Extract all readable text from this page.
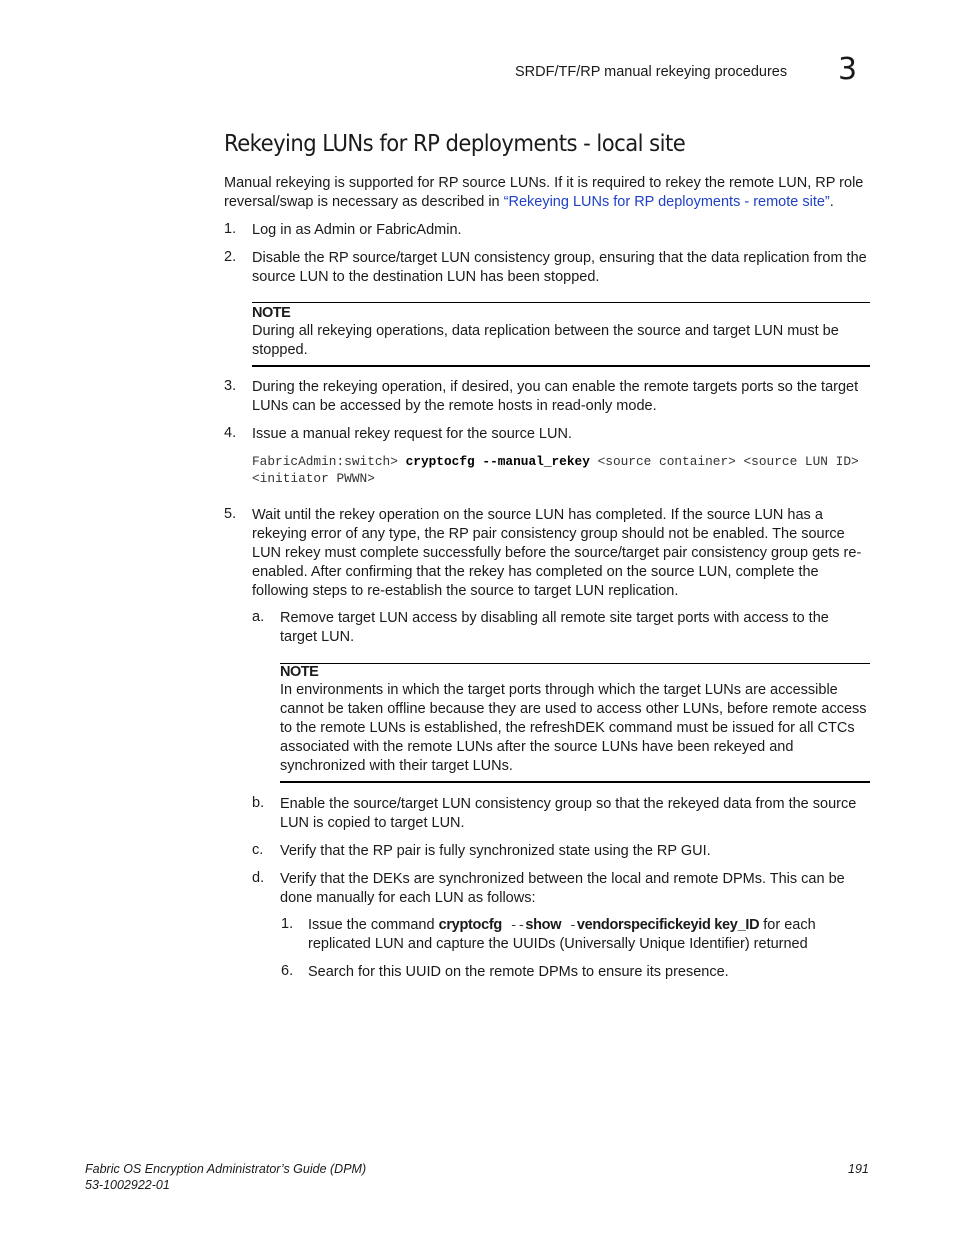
SRDF/TF/RP manual rekeying procedures 3
Rekeying LUNs for RP deployments - local site
Manual rekeying is supported for RP source LUNs. If it is required to rekey the remote LUN, RP role reversal/swap is necessary as described in “Rekeying LUNs for RP deployments - remote site”.
1. Log in as Admin or FabricAdmin.
2. Disable the RP source/target LUN consistency group, ensuring that the data replication from the source LUN to the destination LUN has been stopped.
NOTE
During all rekeying operations, data replication between the source and target LUN must be stopped.
3. During the rekeying operation, if desired, you can enable the remote targets ports so the target LUNs can be accessed by the remote hosts in read-only mode.
4. Issue a manual rekey request for the source LUN.
FabricAdmin:switch> cryptocfg --manual_rekey <source container> <source LUN ID> <initiator PWWN>
5. Wait until the rekey operation on the source LUN has completed. If the source LUN has a rekeying error of any type, the RP pair consistency group should not be enabled. The source LUN rekey must complete successfully before the source/target pair consistency group gets re-enabled. After confirming that the rekey has completed on the source LUN, complete the following steps to re-establish the source to target LUN replication.
a. Remove target LUN access by disabling all remote site target ports with access to the target LUN.
NOTE
In environments in which the target ports through which the target LUNs are accessible cannot be taken offline because they are used to access other LUNs, before remote access to the remote LUNs is established, the refreshDEK command must be issued for all CTCs associated with the remote LUNs after the source LUNs have been rekeyed and synchronized with their target LUNs.
b. Enable the source/target LUN consistency group so that the rekeyed data from the source LUN is copied to target LUN.
c. Verify that the RP pair is fully synchronized state using the RP GUI.
d. Verify that the DEKs are synchronized between the local and remote DPMs. This can be done manually for each LUN as follows:
1. Issue the command cryptocfg --show -vendorspecifickeyid key_ID for each replicated LUN and capture the UUIDs (Universally Unique Identifier) returned
6. Search for this UUID on the remote DPMs to ensure its presence.
Fabric OS Encryption Administrator’s Guide (DPM)
53-1002922-01
191
